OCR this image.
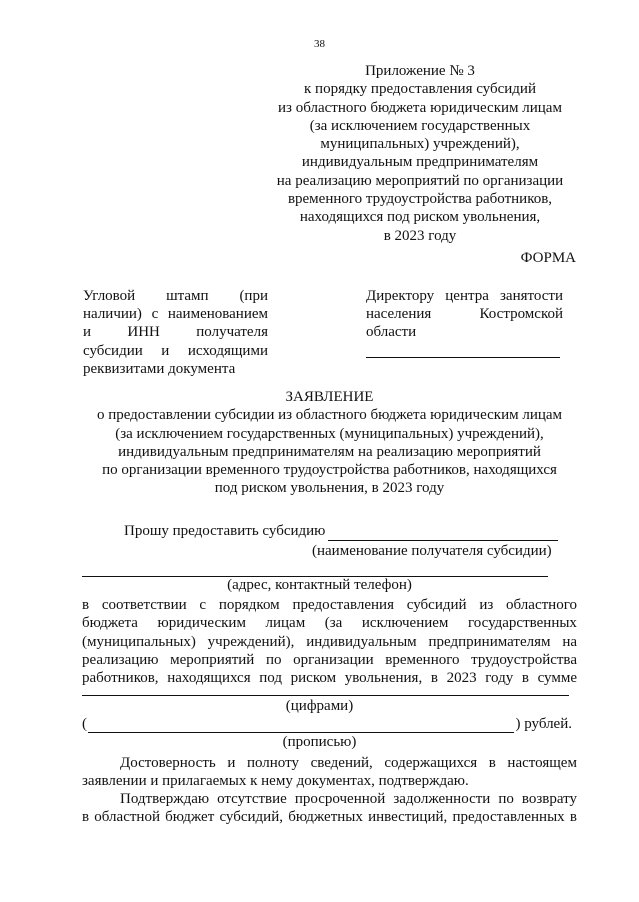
38
Приложение № 3
к порядку предоставления субсидий
из областного бюджета юридическим лицам
(за исключением государственных
муниципальных) учреждений),
индивидуальным предпринимателям
на реализацию мероприятий по организации
временного трудоустройства работников,
находящихся под риском увольнения,
в 2023 году
ФОРМА
Угловой штамп (при
наличии) с наименованием
и ИНН получателя
субсидии и исходящими
реквизитами документа
Директору центра занятости
населения	Костромской
области
ЗАЯВЛЕНИЕ
о предоставлении субсидии из областного бюджета юридическим лицам
(за исключением государственных (муниципальных) учреждений),
индивидуальным предпринимателям на реализацию мероприятий
по организации временного трудоустройства работников, находящихся
под риском увольнения, в 2023 году
Прошу предоставить субсидию
(наименование получателя субсидии)
(адрес, контактный телефон)
в соответствии с порядком предоставления субсидий из областного
бюджета юридическим лицам (за исключением государственных
(муниципальных) учреждений), индивидуальным предпринимателям на
реализацию мероприятий по организации временного трудоустройства
работников, находящихся под риском увольнения, в 2023 году в сумме
(цифрами)
(	) рублей.
(прописью)
Достоверность и полноту сведений, содержащихся в настоящем
заявлении и прилагаемых к нему документах, подтверждаю.
Подтверждаю отсутствие просроченной задолженности по возврату
в областной бюджет субсидий, бюджетных инвестиций, предоставленных в
